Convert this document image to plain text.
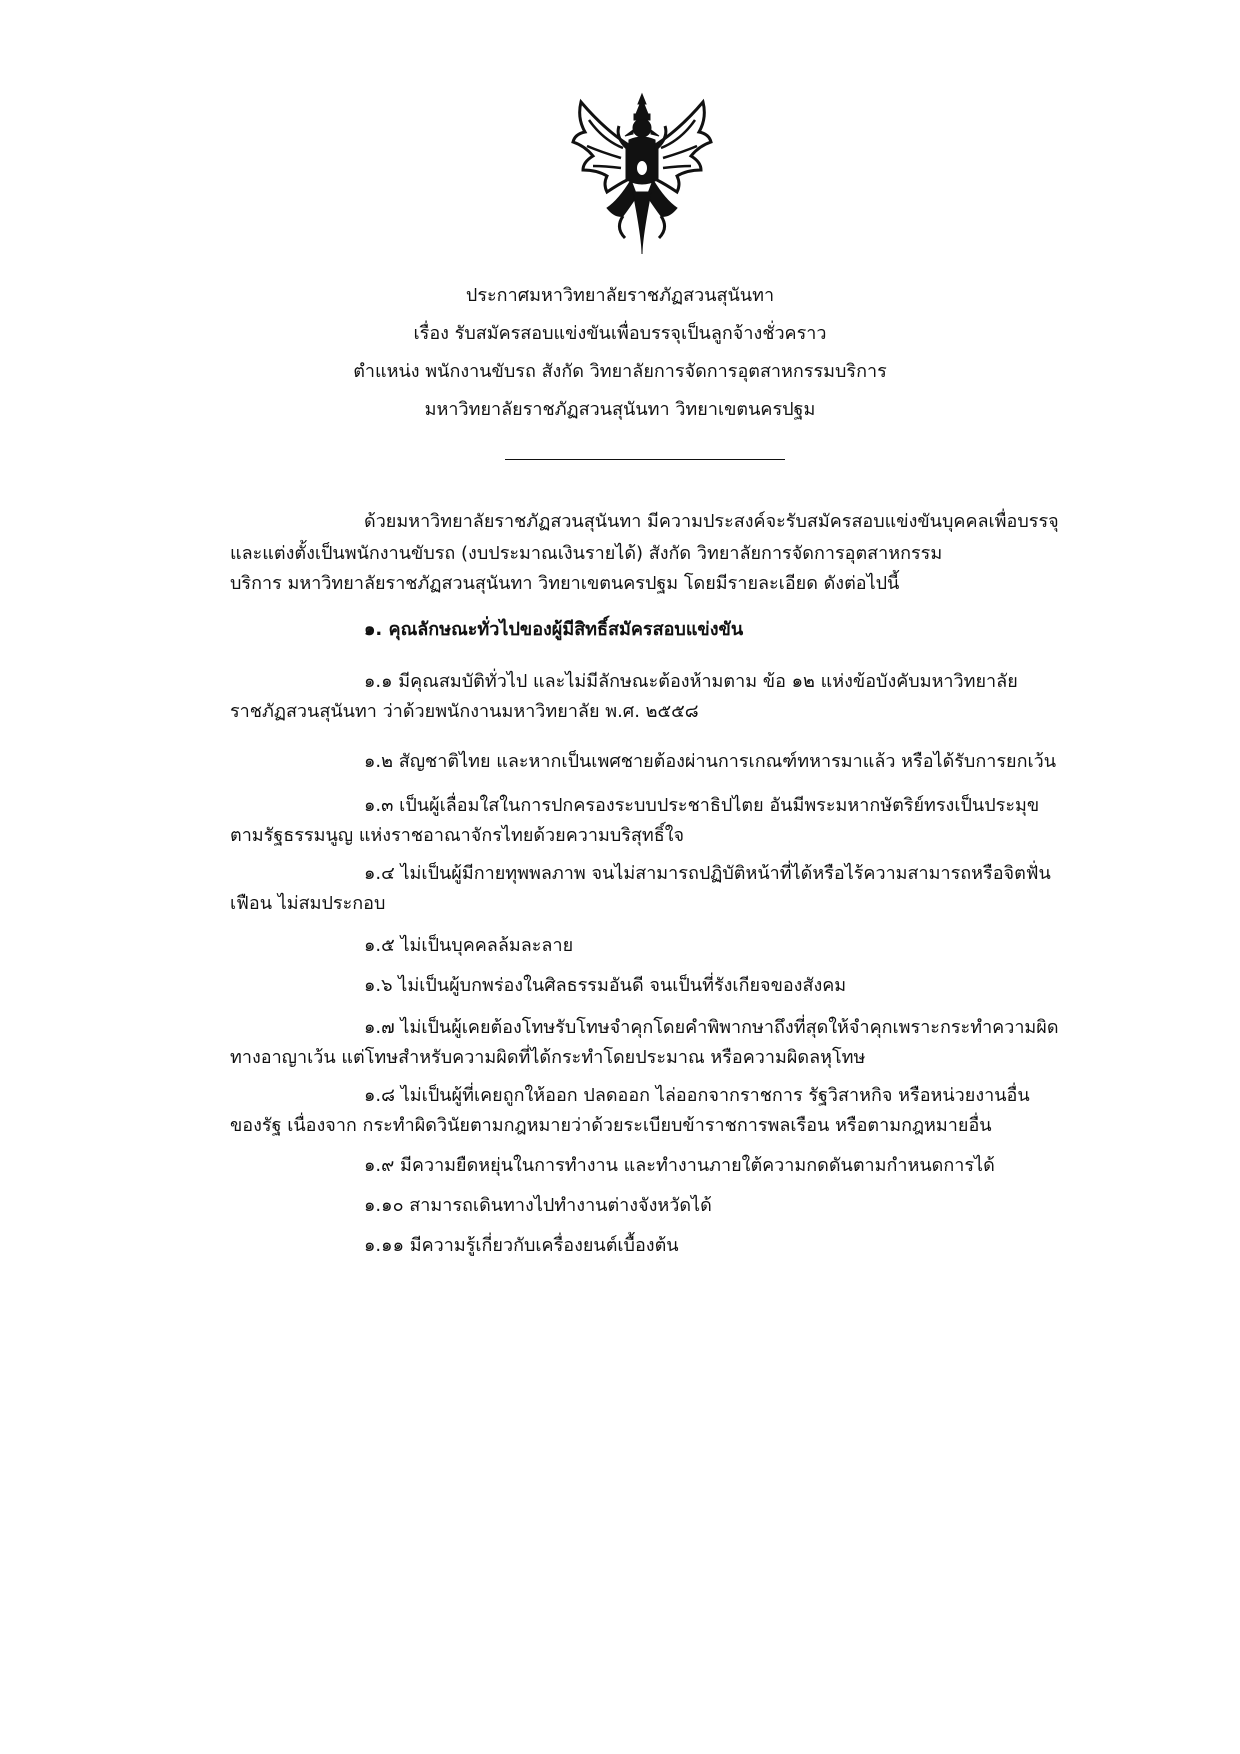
ประกาศมหาวิทยาลัยราชภัฏสวนสุนันทา
เรื่อง รับสมัครสอบแข่งขันเพื่อบรรจุเป็นลูกจ้างชั่วคราว
ตำแหน่ง พนักงานขับรถ สังกัด วิทยาลัยการจัดการอุตสาหกรรมบริการ
มหาวิทยาลัยราชภัฏสวนสุนันทา วิทยาเขตนครปฐม
ด้วยมหาวิทยาลัยราชภัฏสวนสุนันทา มีความประสงค์จะรับสมัครสอบแข่งขันบุคคลเพื่อบรรจุ
และแต่งตั้งเป็นพนักงานขับรถ (งบประมาณเงินรายได้) สังกัด วิทยาลัยการจัดการอุตสาหกรรม
บริการ มหาวิทยาลัยราชภัฏสวนสุนันทา วิทยาเขตนครปฐม โดยมีรายละเอียด ดังต่อไปนี้
๑. คุณลักษณะทั่วไปของผู้มีสิทธิ์สมัครสอบแข่งขัน
๑.๑ มีคุณสมบัติทั่วไป และไม่มีลักษณะต้องห้ามตาม ข้อ ๑๒ แห่งข้อบังคับมหาวิทยาลัย
ราชภัฏสวนสุนันทา ว่าด้วยพนักงานมหาวิทยาลัย พ.ศ. ๒๕๕๘
๑.๒ สัญชาติไทย และหากเป็นเพศชายต้องผ่านการเกณฑ์ทหารมาแล้ว หรือได้รับการยกเว้น
๑.๓ เป็นผู้เลื่อมใสในการปกครองระบบประชาธิปไตย อันมีพระมหากษัตริย์ทรงเป็นประมุข
ตามรัฐธรรมนูญ แห่งราชอาณาจักรไทยด้วยความบริสุทธิ์ใจ
๑.๔ ไม่เป็นผู้มีกายทุพพลภาพ จนไม่สามารถปฏิบัติหน้าที่ได้หรือไร้ความสามารถหรือจิตฟั่น
เฟือน ไม่สมประกอบ
๑.๕ ไม่เป็นบุคคลล้มละลาย
๑.๖ ไม่เป็นผู้บกพร่องในศิลธรรมอันดี จนเป็นที่รังเกียจของสังคม
๑.๗ ไม่เป็นผู้เคยต้องโทษรับโทษจำคุกโดยคำพิพากษาถึงที่สุดให้จำคุกเพราะกระทำความผิด
ทางอาญาเว้น แต่โทษสำหรับความผิดที่ได้กระทำโดยประมาณ หรือความผิดลหุโทษ
๑.๘ ไม่เป็นผู้ที่เคยถูกให้ออก ปลดออก ไล่ออกจากราชการ รัฐวิสาหกิจ หรือหน่วยงานอื่น
ของรัฐ เนื่องจาก กระทำผิดวินัยตามกฎหมายว่าด้วยระเบียบข้าราชการพลเรือน หรือตามกฎหมายอื่น
๑.๙ มีความยืดหยุ่นในการทำงาน และทำงานภายใต้ความกดดันตามกำหนดการได้
๑.๑๐ สามารถเดินทางไปทำงานต่างจังหวัดได้
๑.๑๑ มีความรู้เกี่ยวกับเครื่องยนต์เบื้องต้น
